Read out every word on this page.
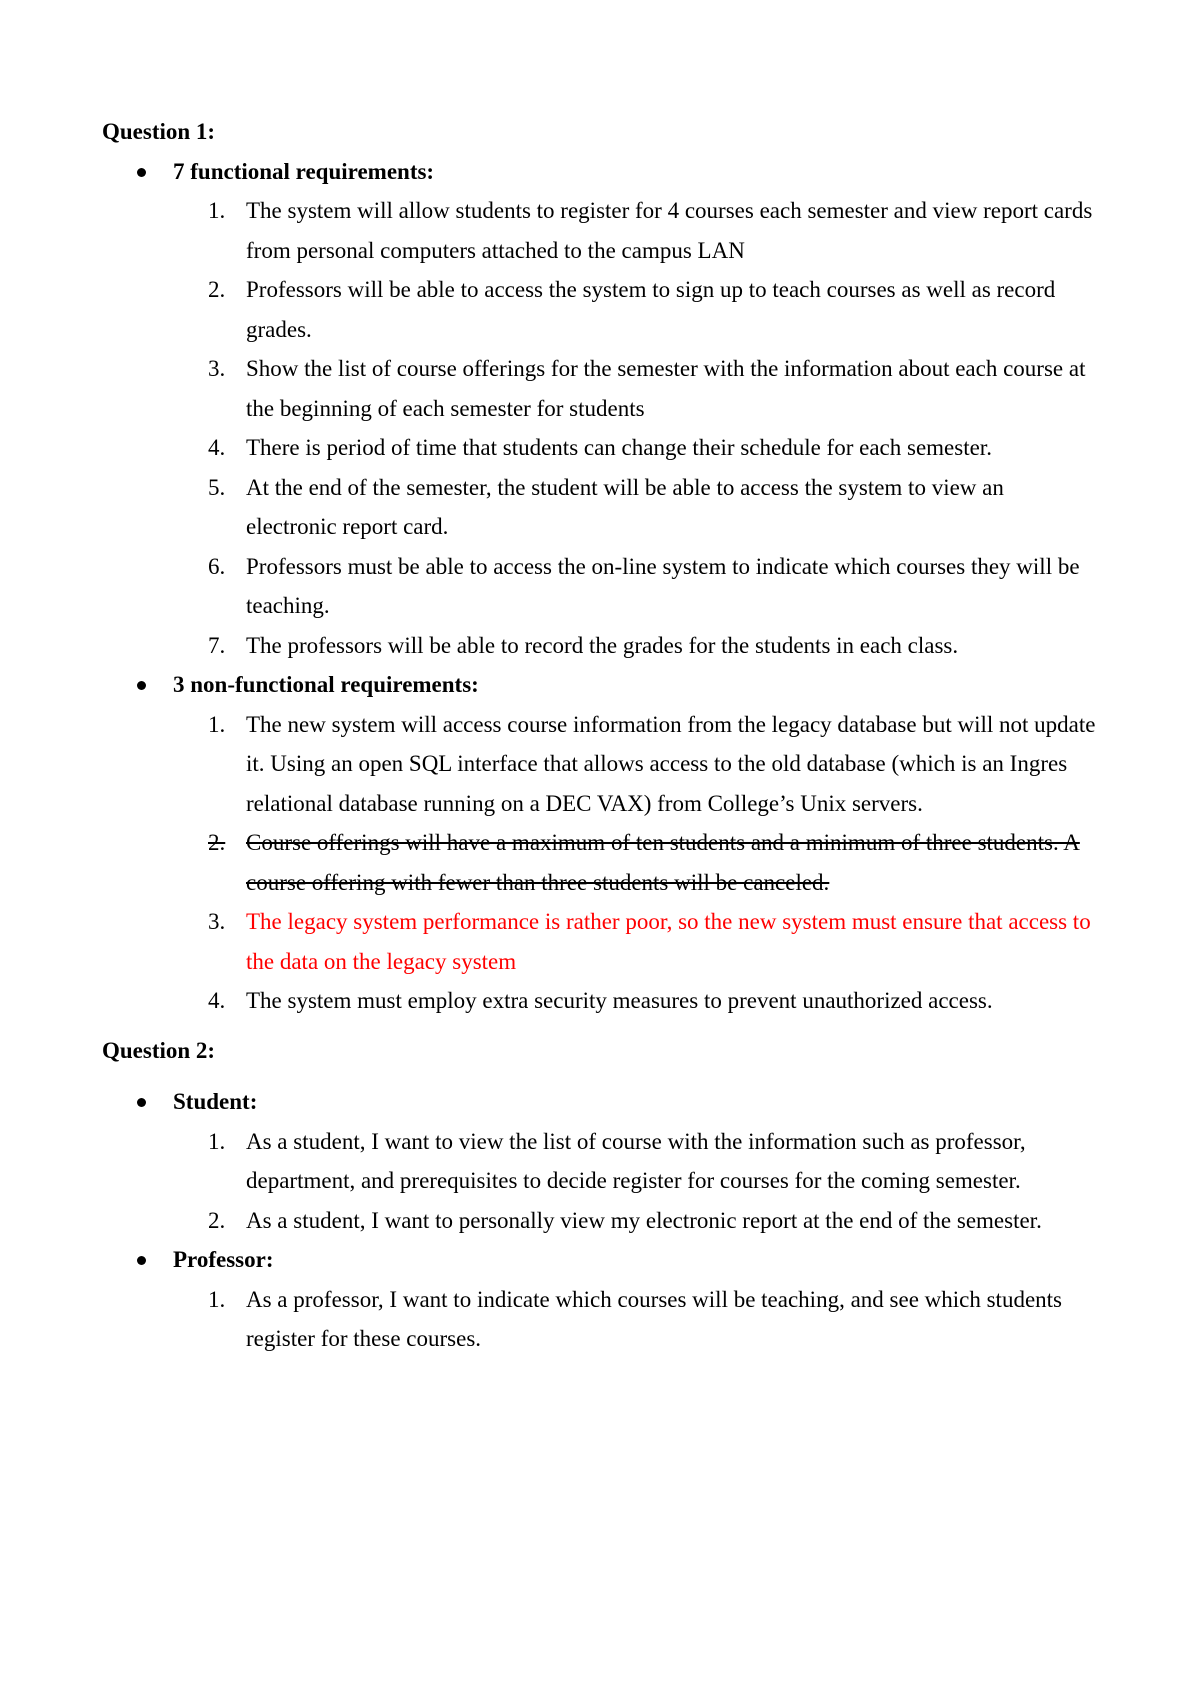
Question 1:
7 functional requirements:
1. The system will allow students to register for 4 courses each semester and view report cards from personal computers attached to the campus LAN
2. Professors will be able to access the system to sign up to teach courses as well as record grades.
3. Show the list of course offerings for the semester with the information about each course at the beginning of each semester for students
4. There is period of time that students can change their schedule for each semester.
5. At the end of the semester, the student will be able to access the system to view an electronic report card.
6. Professors must be able to access the on-line system to indicate which courses they will be teaching.
7. The professors will be able to record the grades for the students in each class.
3 non-functional requirements:
1. The new system will access course information from the legacy database but will not update it. Using an open SQL interface that allows access to the old database (which is an Ingres relational database running on a DEC VAX) from College’s Unix servers.
2. Course offerings will have a maximum of ten students and a minimum of three students. A course offering with fewer than three students will be canceled.
3. The legacy system performance is rather poor, so the new system must ensure that access to the data on the legacy system
4. The system must employ extra security measures to prevent unauthorized access.
Question 2:
Student:
1. As a student, I want to view the list of course with the information such as professor, department, and prerequisites to decide register for courses for the coming semester.
2. As a student, I want to personally view my electronic report at the end of the semester.
Professor:
1. As a professor, I want to indicate which courses will be teaching, and see which students register for these courses.
